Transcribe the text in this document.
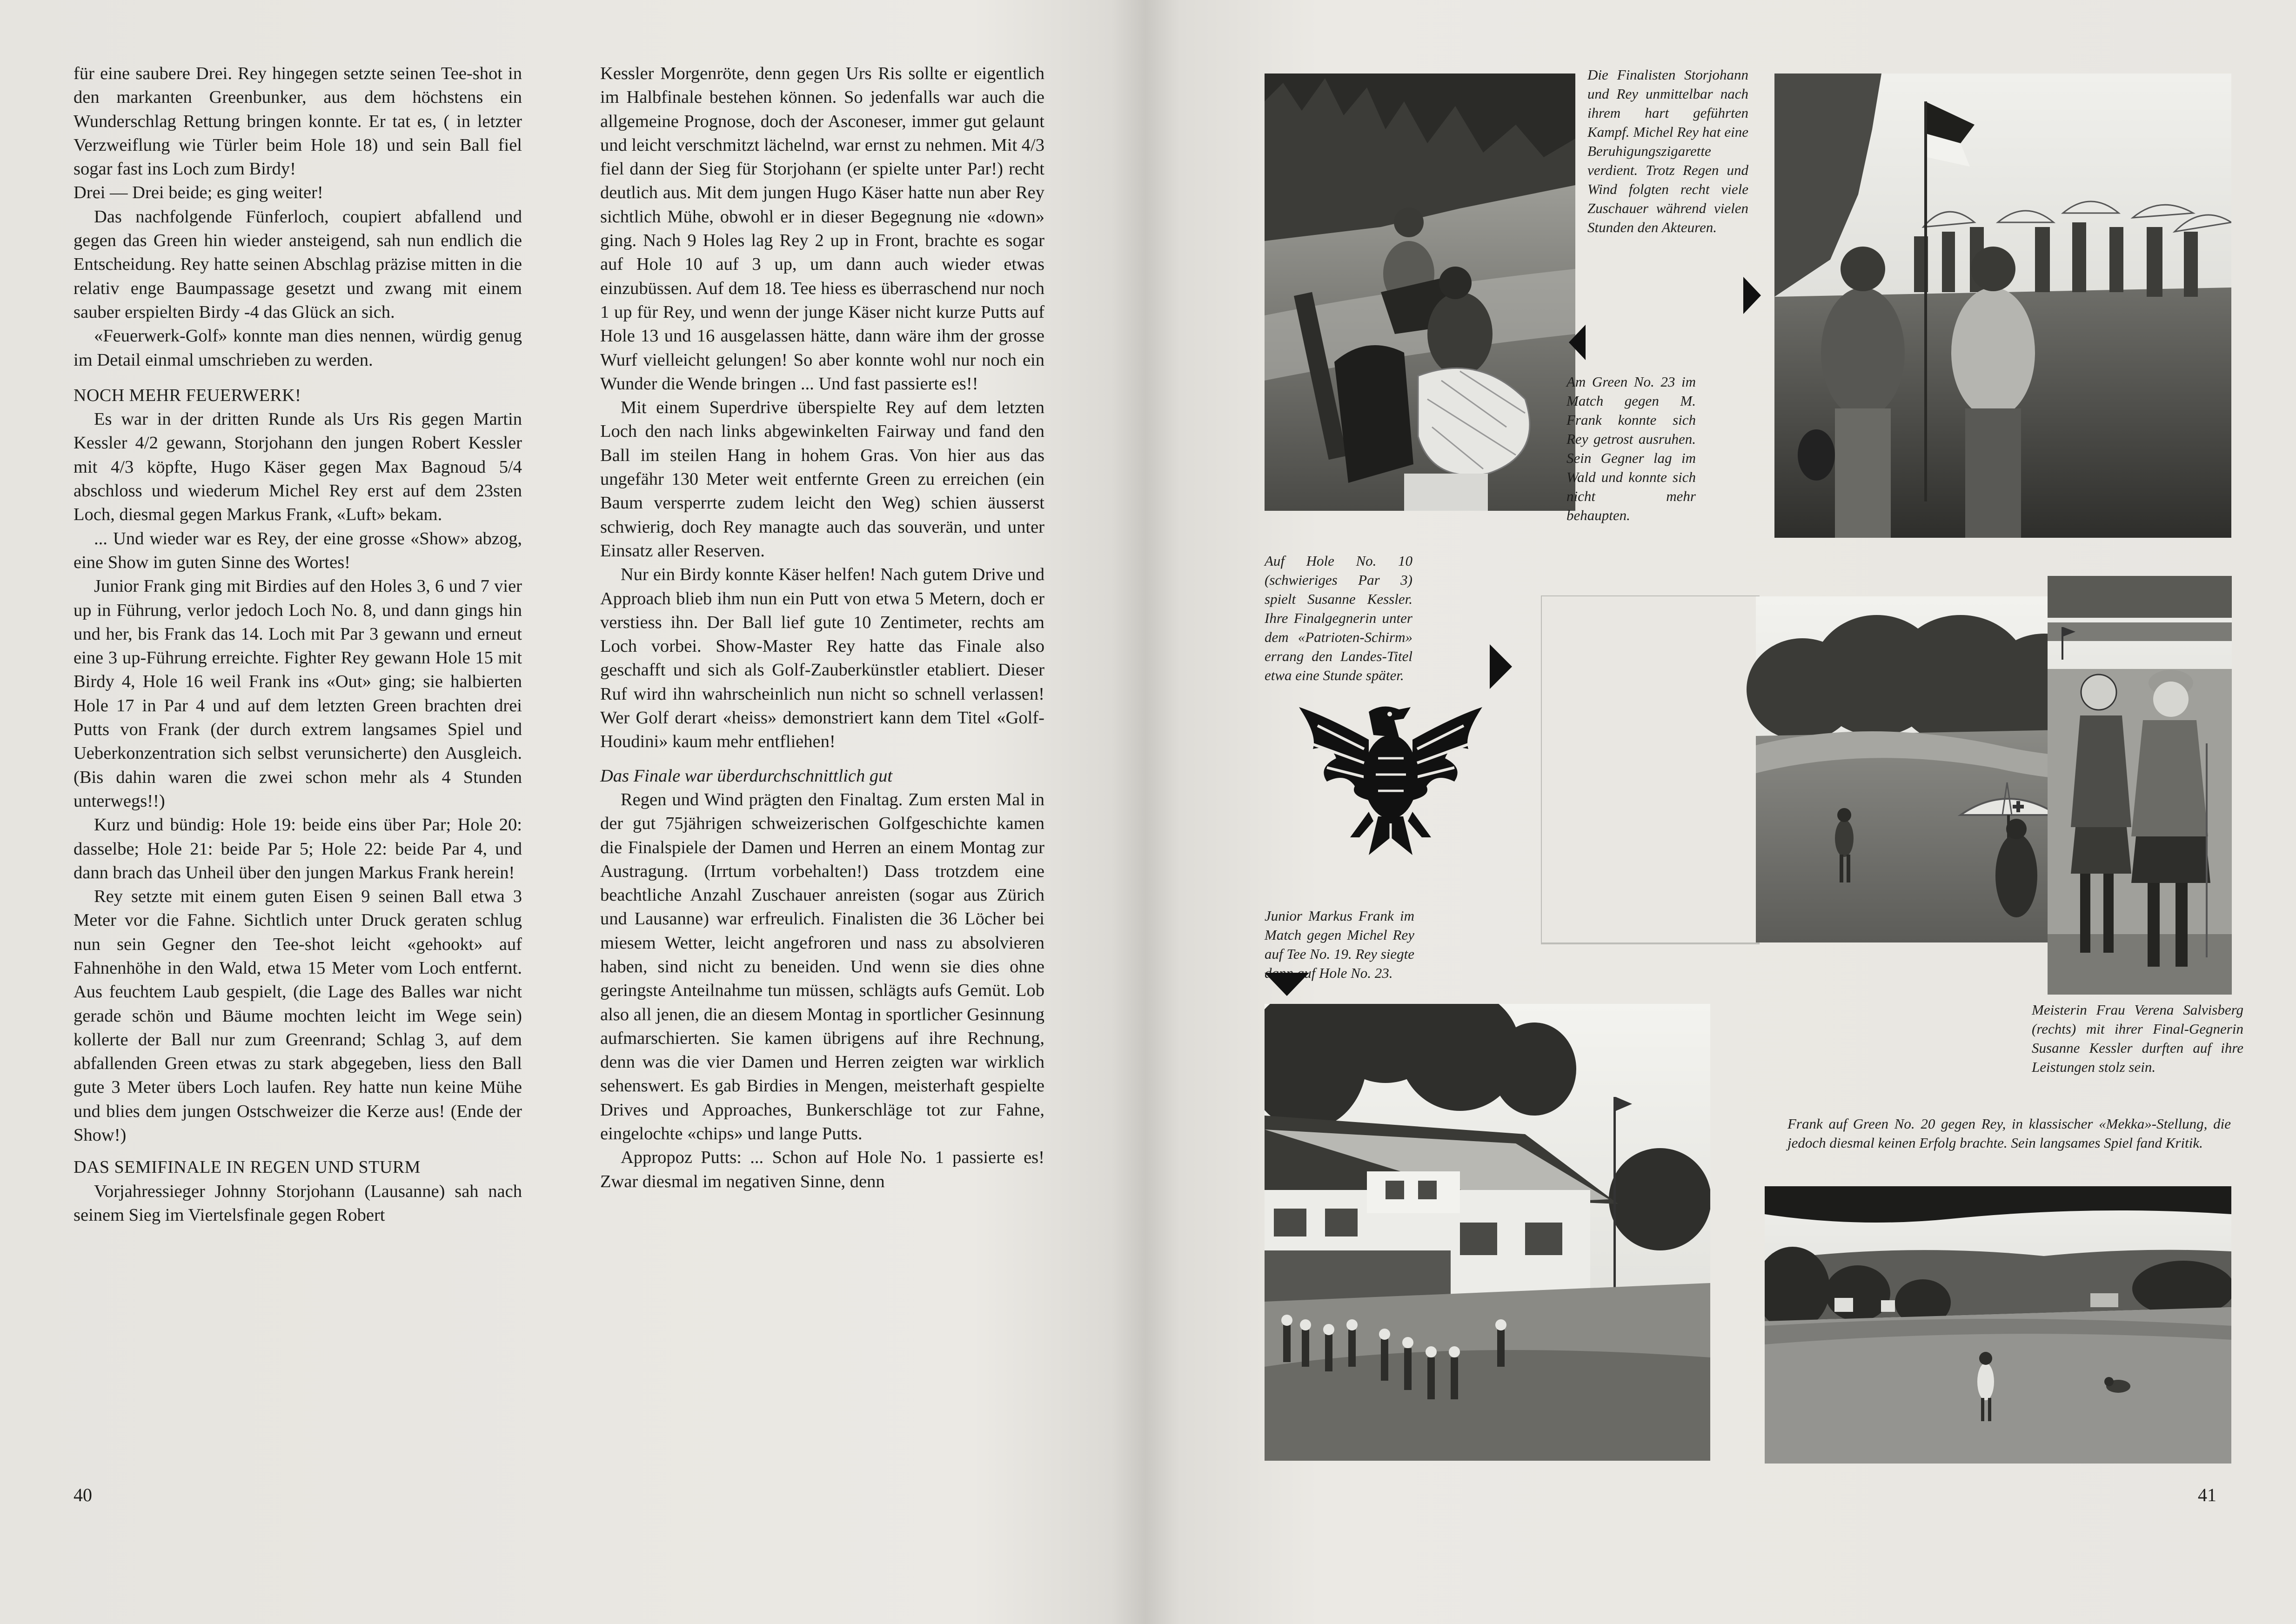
für eine saubere Drei. Rey hingegen setzte seinen Tee-shot in den markanten Greenbunker, aus dem höchstens ein Wunderschlag Rettung bringen konnte. Er tat es, ( in letzter Verzweiflung wie Türler beim Hole 18) und sein Ball fiel sogar fast ins Loch zum Birdy!

Drei — Drei beide; es ging weiter!

Das nachfolgende Fünferloch, coupiert abfallend und gegen das Green hin wieder ansteigend, sah nun endlich die Entscheidung. Rey hatte seinen Abschlag präzise mitten in die relativ enge Baumpassage gesetzt und zwang mit einem sauber erspielten Birdy -4 das Glück an sich.

«Feuerwerk-Golf» konnte man dies nennen, würdig genug im Detail einmal umschrieben zu werden.

NOCH MEHR FEUERWERK!

Es war in der dritten Runde als Urs Ris gegen Martin Kessler 4/2 gewann, Storjohann den jungen Robert Kessler mit 4/3 köpfte, Hugo Käser gegen Max Bagnoud 5/4 abschloss und wiederum Michel Rey erst auf dem 23sten Loch, diesmal gegen Markus Frank, «Luft» bekam.

... Und wieder war es Rey, der eine grosse «Show» abzog, eine Show im guten Sinne des Wortes!

Junior Frank ging mit Birdies auf den Holes 3, 6 und 7 vier up in Führung, verlor jedoch Loch No. 8, und dann gings hin und her, bis Frank das 14. Loch mit Par 3 gewann und erneut eine 3 up-Führung erreichte. Fighter Rey gewann Hole 15 mit Birdy 4, Hole 16 weil Frank ins «Out» ging; sie halbierten Hole 17 in Par 4 und auf dem letzten Green brachten drei Putts von Frank (der durch extrem langsames Spiel und Ueberkonzentration sich selbst verunsicherte) den Ausgleich. (Bis dahin waren die zwei schon mehr als 4 Stunden unterwegs!!)

Kurz und bündig: Hole 19: beide eins über Par; Hole 20: dasselbe; Hole 21: beide Par 5; Hole 22: beide Par 4, und dann brach das Unheil über den jungen Markus Frank herein!

Rey setzte mit einem guten Eisen 9 seinen Ball etwa 3 Meter vor die Fahne. Sichtlich unter Druck geraten schlug nun sein Gegner den Tee-shot leicht «gehookt» auf Fahnenhöhe in den Wald, etwa 15 Meter vom Loch entfernt. Aus feuchtem Laub gespielt, (die Lage des Balles war nicht gerade schön und Bäume mochten leicht im Wege sein) kollerte der Ball nur zum Greenrand; Schlag 3, auf dem abfallenden Green etwas zu stark abgegeben, liess den Ball gute 3 Meter übers Loch laufen. Rey hatte nun keine Mühe und blies dem jungen Ostschweizer die Kerze aus! (Ende der Show!)

DAS SEMIFINALE IN REGEN UND STURM

Vorjahressieger Johnny Storjohann (Lausanne) sah nach seinem Sieg im Viertelsfinale gegen Robert

Kessler Morgenröte, denn gegen Urs Ris sollte er eigentlich im Halbfinale bestehen können. So jedenfalls war auch die allgemeine Prognose, doch der Asconeser, immer gut gelaunt und leicht verschmitzt lächelnd, war ernst zu nehmen. Mit 4/3 fiel dann der Sieg für Storjohann (er spielte unter Par!) recht deutlich aus. Mit dem jungen Hugo Käser hatte nun aber Rey sichtlich Mühe, obwohl er in dieser Begegnung nie «down» ging. Nach 9 Holes lag Rey 2 up in Front, brachte es sogar auf Hole 10 auf 3 up, um dann auch wieder etwas einzubüssen. Auf dem 18. Tee hiess es überraschend nur noch 1 up für Rey, und wenn der junge Käser nicht kurze Putts auf Hole 13 und 16 ausgelassen hätte, dann wäre ihm der grosse Wurf vielleicht gelungen! So aber konnte wohl nur noch ein Wunder die Wende bringen ... Und fast passierte es!!

Mit einem Superdrive überspielte Rey auf dem letzten Loch den nach links abgewinkelten Fairway und fand den Ball im steilen Hang in hohem Gras. Von hier aus das ungefähr 130 Meter weit entfernte Green zu erreichen (ein Baum versperrte zudem leicht den Weg) schien äusserst schwierig, doch Rey managte auch das souverän, und unter Einsatz aller Reserven.

Nur ein Birdy konnte Käser helfen! Nach gutem Drive und Approach blieb ihm nun ein Putt von etwa 5 Metern, doch er verstiess ihn. Der Ball lief gute 10 Zentimeter, rechts am Loch vorbei. Show-Master Rey hatte das Finale also geschafft und sich als Golf-Zauberkünstler etabliert. Dieser Ruf wird ihn wahrscheinlich nun nicht so schnell verlassen! Wer Golf derart «heiss» demonstriert kann dem Titel «Golf-Houdini» kaum mehr entfliehen!

Das Finale war überdurchschnittlich gut

Regen und Wind prägten den Finaltag. Zum ersten Mal in der gut 75jährigen schweizerischen Golfgeschichte kamen die Finalspiele der Damen und Herren an einem Montag zur Austragung. (Irrtum vorbehalten!) Dass trotzdem eine beachtliche Anzahl Zuschauer anreisten (sogar aus Zürich und Lausanne) war erfreulich. Finalisten die 36 Löcher bei miesem Wetter, leicht angefroren und nass zu absolvieren haben, sind nicht zu beneiden. Und wenn sie dies ohne geringste Anteilnahme tun müssen, schlägts aufs Gemüt. Lob also all jenen, die an diesem Montag in sportlicher Gesinnung aufmarschierten. Sie kamen übrigens auf ihre Rechnung, denn was die vier Damen und Herren zeigten war wirklich sehenswert. Es gab Birdies in Mengen, meisterhaft gespielte Drives und Approaches, Bunkerschläge tot zur Fahne, eingelochte «chips» und lange Putts.

Appropoz Putts: ... Schon auf Hole No. 1 passierte es! Zwar diesmal im negativen Sinne, denn

40
Die Finalisten Storjohann und Rey unmittelbar nach ihrem hart geführten Kampf. Michel Rey hat eine Beruhigungszigarette verdient. Trotz Regen und Wind folgten recht viele Zuschauer während vielen Stunden den Akteuren.
Am Green No. 23 im Match gegen M. Frank konnte sich Rey getrost ausruhen. Sein Gegner lag im Wald und konnte sich nicht mehr behaupten.
Auf Hole No. 10 (schwieriges Par 3) spielt Susanne Kessler. Ihre Finalgegnerin unter dem «Patrioten-Schirm» errang den Landes-Titel etwa eine Stunde später.
Junior Markus Frank im Match gegen Michel Rey auf Tee No. 19. Rey siegte dann auf Hole No. 23.
Meisterin Frau Verena Salvisberg (rechts) mit ihrer Final-Gegnerin Susanne Kessler durften auf ihre Leistungen stolz sein.
Frank auf Green No. 20 gegen Rey, in klassischer «Mekka»-Stellung, die jedoch diesmal keinen Erfolg brachte. Sein langsames Spiel fand Kritik.
41
